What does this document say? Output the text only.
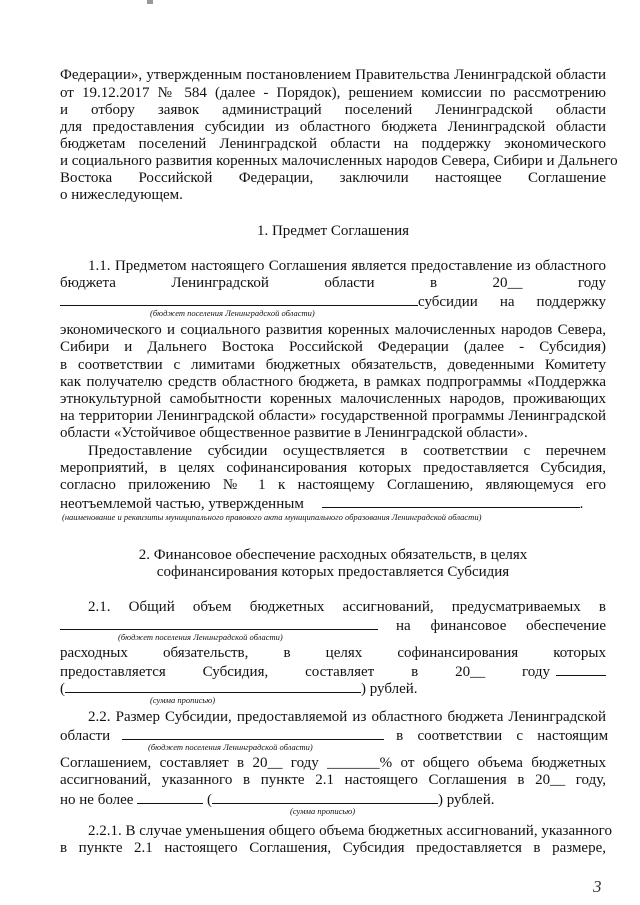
Федерации», утвержденным постановлением Правительства Ленинградской области
от 19.12.2017 № 584 (далее - Порядок), решением комиссии по рассмотрению
и отбору заявок администраций поселений Ленинградской области
для предоставления субсидии из областного бюджета Ленинградской области
бюджетам поселений Ленинградской области на поддержку экономического
и социального развития коренных малочисленных народов Севера, Сибири и Дальнего
Востока Российской Федерации, заключили настоящее Соглашение
о нижеследующем.
1. Предмет Соглашения
1.1. Предметом настоящего Соглашения является предоставление из областного
бюджета Ленинградской области в 20__ году
субсидии на поддержку
(бюджет поселения Ленинградской области)
экономического и социального развития коренных малочисленных народов Севера,
Сибири и Дальнего Востока Российской Федерации (далее - Субсидия)
в соответствии с лимитами бюджетных обязательств, доведенными Комитету
как получателю средств областного бюджета, в рамках подпрограммы «Поддержка
этнокультурной самобытности коренных малочисленных народов, проживающих
на территории Ленинградской области» государственной программы Ленинградской
области «Устойчивое общественное развитие в Ленинградской области».
Предоставление субсидии осуществляется в соответствии с перечнем
мероприятий, в целях софинансирования которых предоставляется Субсидия,
согласно приложению № 1 к настоящему Соглашению, являющемуся его
неотъемлемой частью, утвержденным	.
(наименование и реквизиты муниципального правового акта муниципального образования Ленинградской области)
2. Финансовое обеспечение расходных обязательств, в целях
софинансирования которых предоставляется Субсидия
2.1. Общий объем бюджетных ассигнований, предусматриваемых в
на финансовое обеспечение
(бюджет поселения Ленинградской области)
расходных обязательств, в целях софинансирования которых
предоставляется Субсидия, составляет в 20__ году
(	) рублей.
(сумма прописью)
2.2. Размер Субсидии, предоставляемой из областного бюджета Ленинградской
области	в соответствии с настоящим
(бюджет поселения Ленинградской области)
Соглашением, составляет в 20__ году _______% от общего объема бюджетных
ассигнований, указанного в пункте 2.1 настоящего Соглашения в 20__ году,
но не более	(	) рублей.
(сумма прописью)
2.2.1. В случае уменьшения общего объема бюджетных ассигнований, указанного
в пункте 2.1 настоящего Соглашения, Субсидия предоставляется в размере,
3
